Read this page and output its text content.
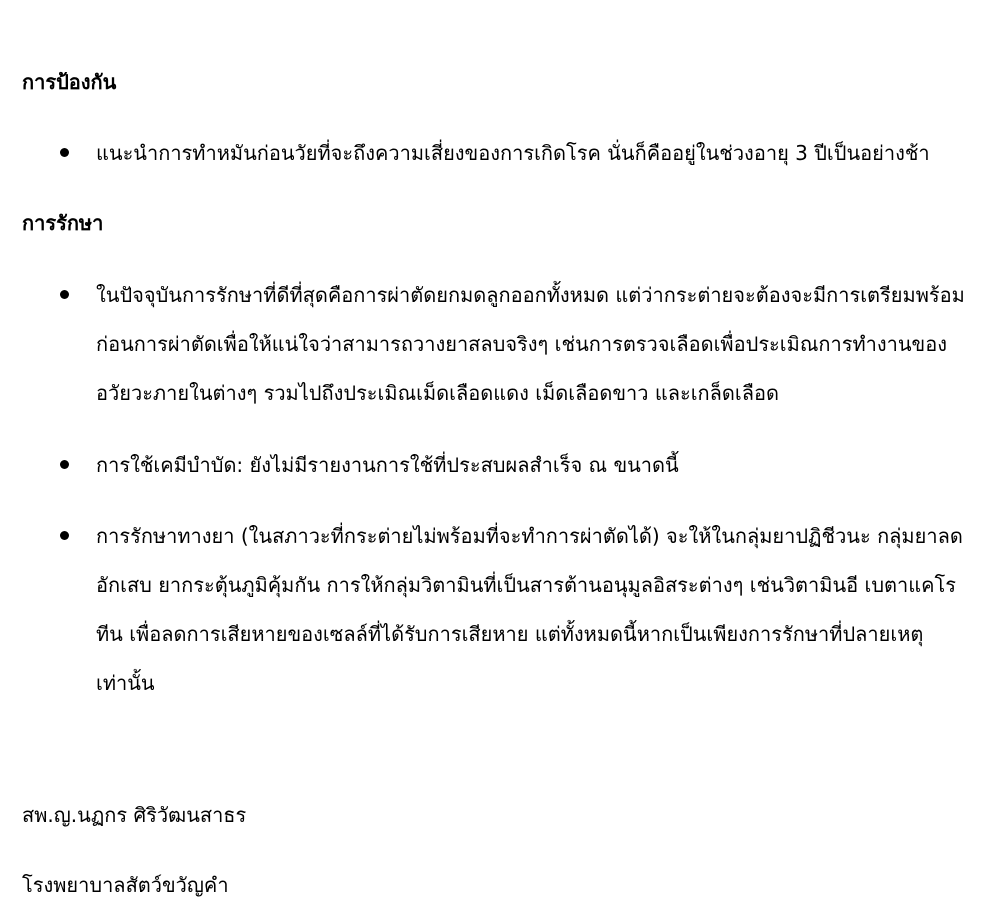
การป้องกัน
แนะนำการทำหมันก่อนวัยที่จะถึงความเสี่ยงของการเกิดโรค นั่นก็คืออยู่ในช่วงอายุ 3 ปีเป็นอย่างช้า
การรักษา
ในปัจจุบันการรักษาที่ดีที่สุดคือการผ่าตัดยกมดลูกออกทั้งหมด แต่ว่ากระต่ายจะต้องจะมีการเตรียมพร้อม
ก่อนการผ่าตัดเพื่อให้แน่ใจว่าสามารถวางยาสลบจริงๆ เช่นการตรวจเลือดเพื่อประเมิณการทำงานของ
อวัยวะภายในต่างๆ รวมไปถึงประเมิณเม็ดเลือดแดง เม็ดเลือดขาว และเกล็ดเลือด
การใช้เคมีบำบัด: ยังไม่มีรายงานการใช้ที่ประสบผลสำเร็จ ณ ขนาดนี้
การรักษาทางยา (ในสภาวะที่กระต่ายไม่พร้อมที่จะทำการผ่าตัดได้) จะให้ในกลุ่มยาปฏิชีวนะ กลุ่มยาลด
อักเสบ ยากระตุ้นภูมิคุ้มกัน การให้กลุ่มวิตามินที่เป็นสารต้านอนุมูลอิสระต่างๆ เช่นวิตามินอี เบตาแคโร
ทีน เพื่อลดการเสียหายของเซลล์ที่ได้รับการเสียหาย แต่ทั้งหมดนี้หากเป็นเพียงการรักษาที่ปลายเหตุ
เท่านั้น
สพ.ญ.นฏกร ศิริวัฒนสาธร
โรงพยาบาลสัตว์ขวัญคำ
